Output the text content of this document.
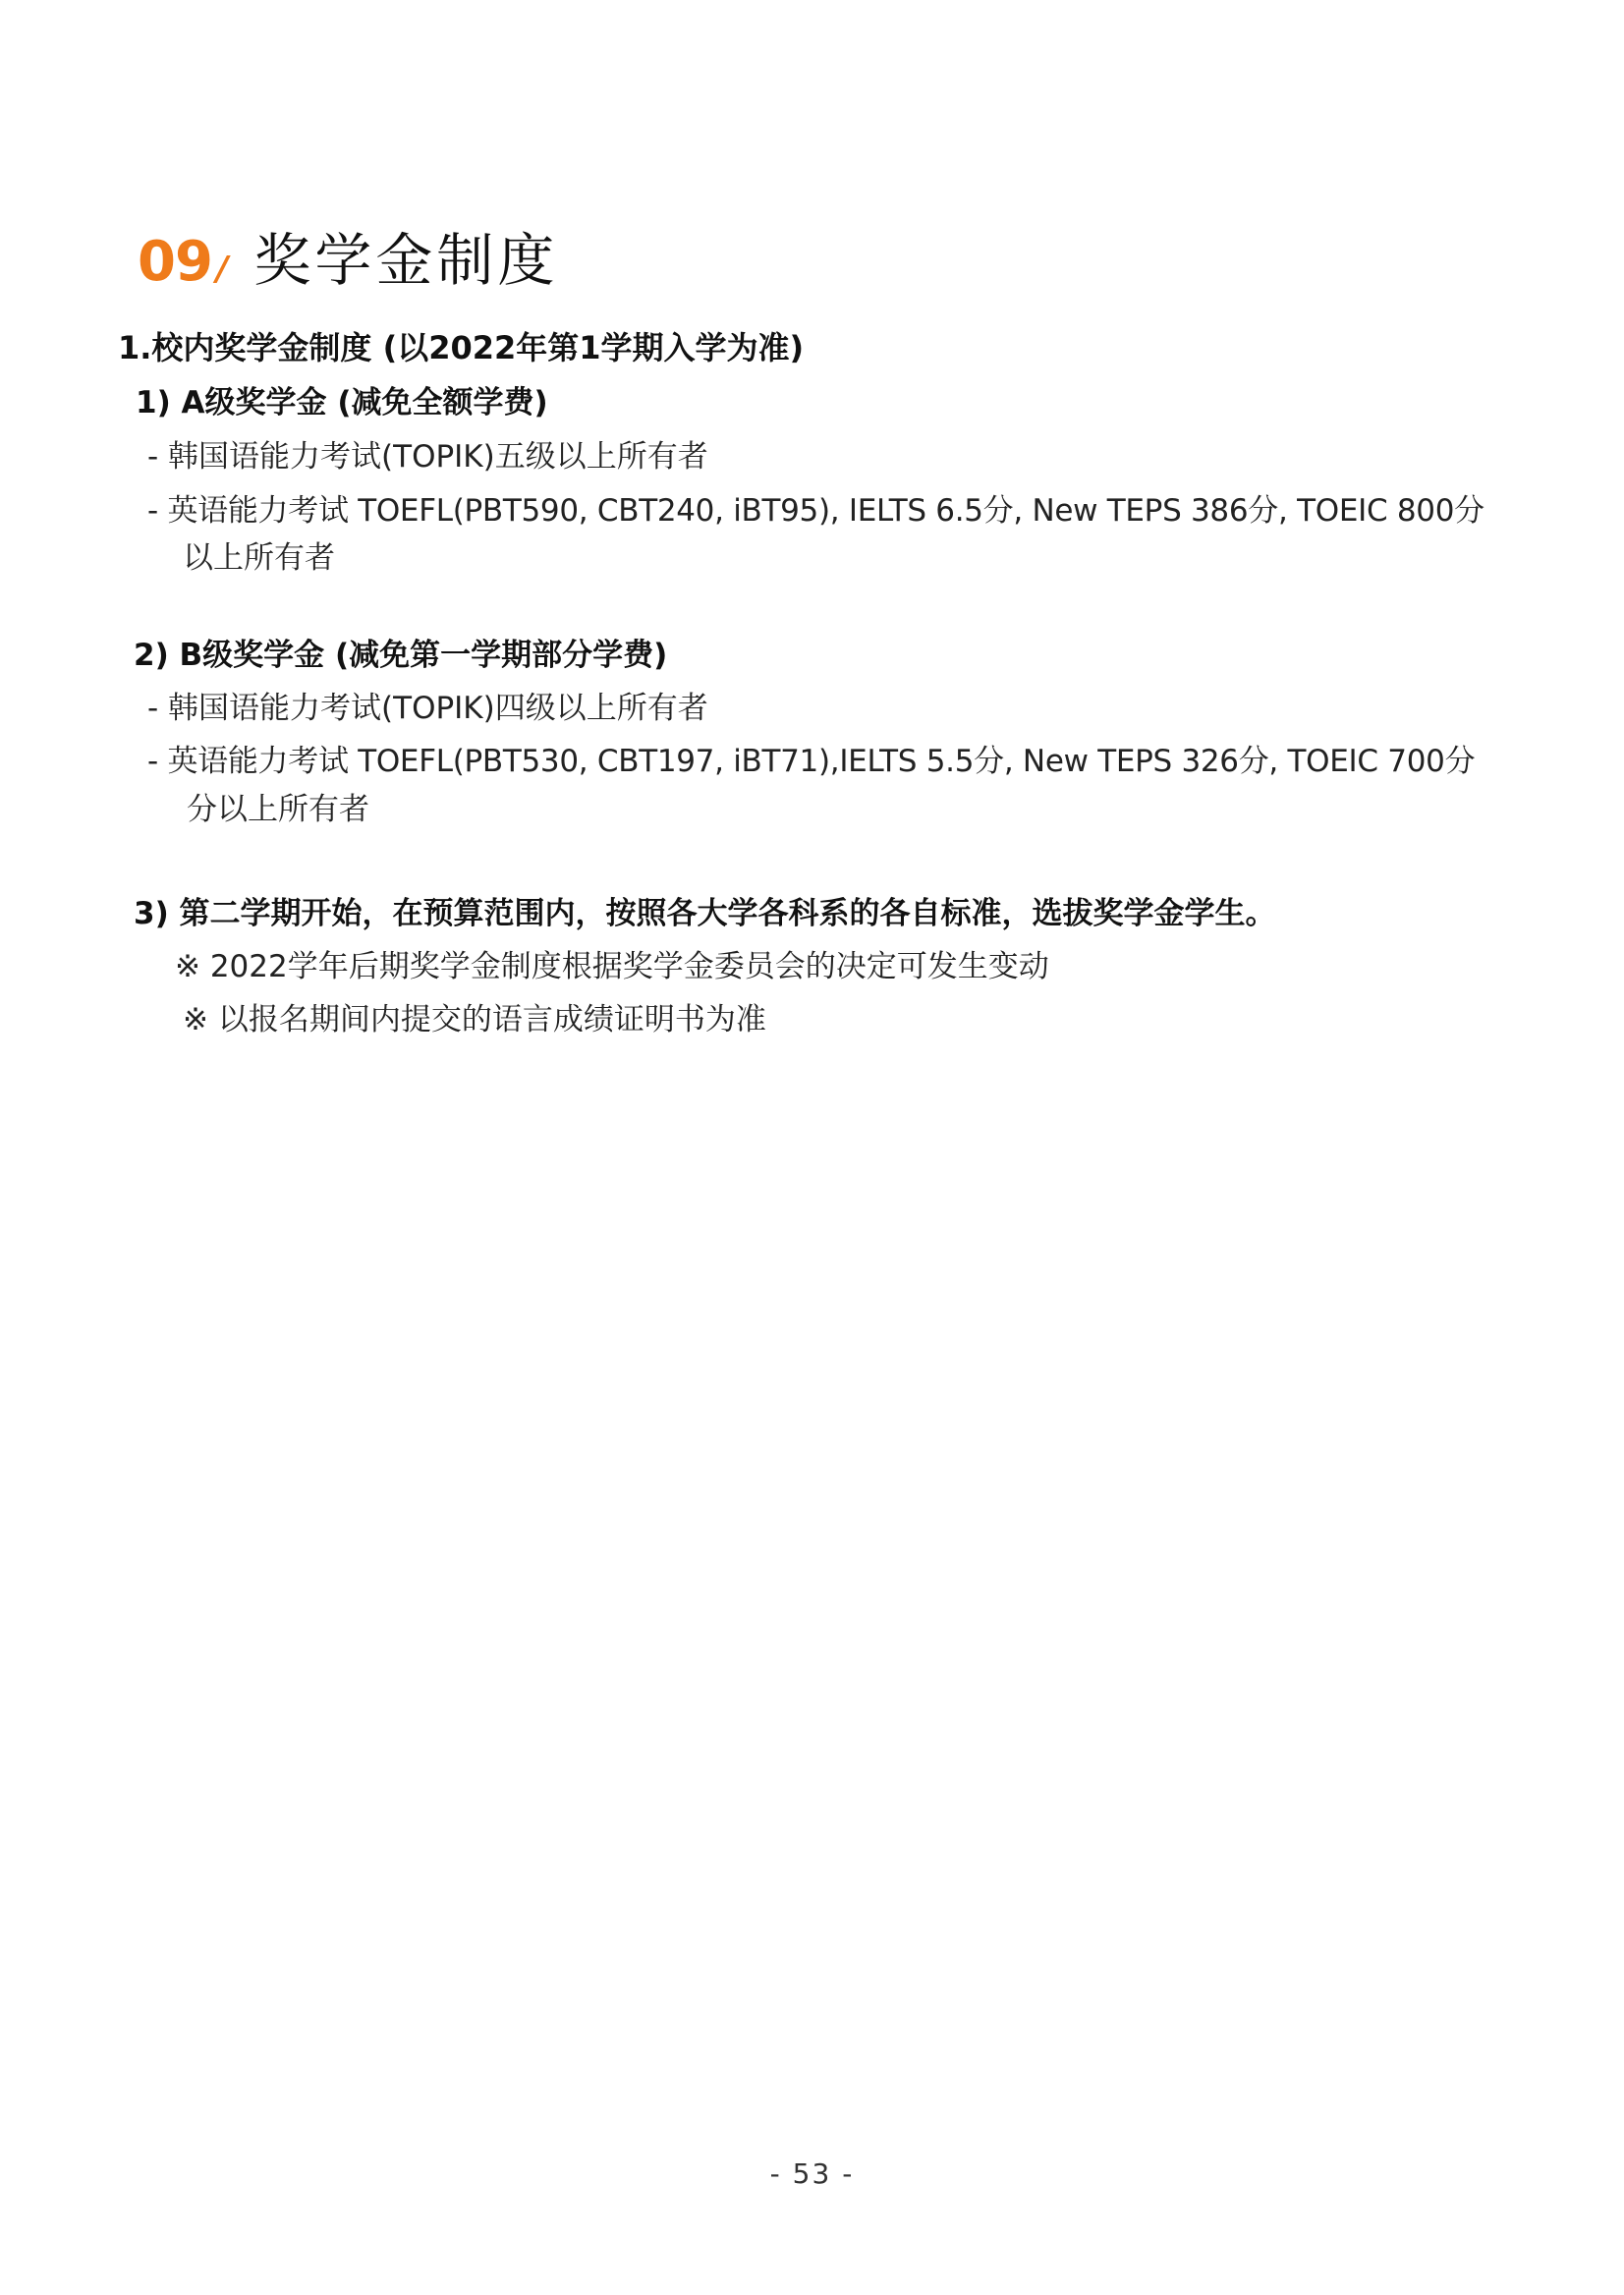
09 / 奖学金制度
1.校内奖学金制度 (以2022年第1学期入学为准)
1) A级奖学金 (减免全额学费)
- 韩国语能力考试(TOPIK)五级以上所有者
- 英语能力考试 TOEFL(PBT590, CBT240, iBT95), IELTS 6.5分, New TEPS 386分, TOEIC 800分
以上所有者
2) B级奖学金 (减免第一学期部分学费)
- 韩国语能力考试(TOPIK)四级以上所有者
- 英语能力考试 TOEFL(PBT530, CBT197, iBT71),IELTS 5.5分, New TEPS 326分, TOEIC 700分
分以上所有者
3) 第二学期开始，在预算范围内，按照各大学各科系的各自标准，选拔奖学金学生。
※ 2022学年后期奖学金制度根据奖学金委员会的决定可发生变动
※ 以报名期间内提交的语言成绩证明书为准
- 53 -
